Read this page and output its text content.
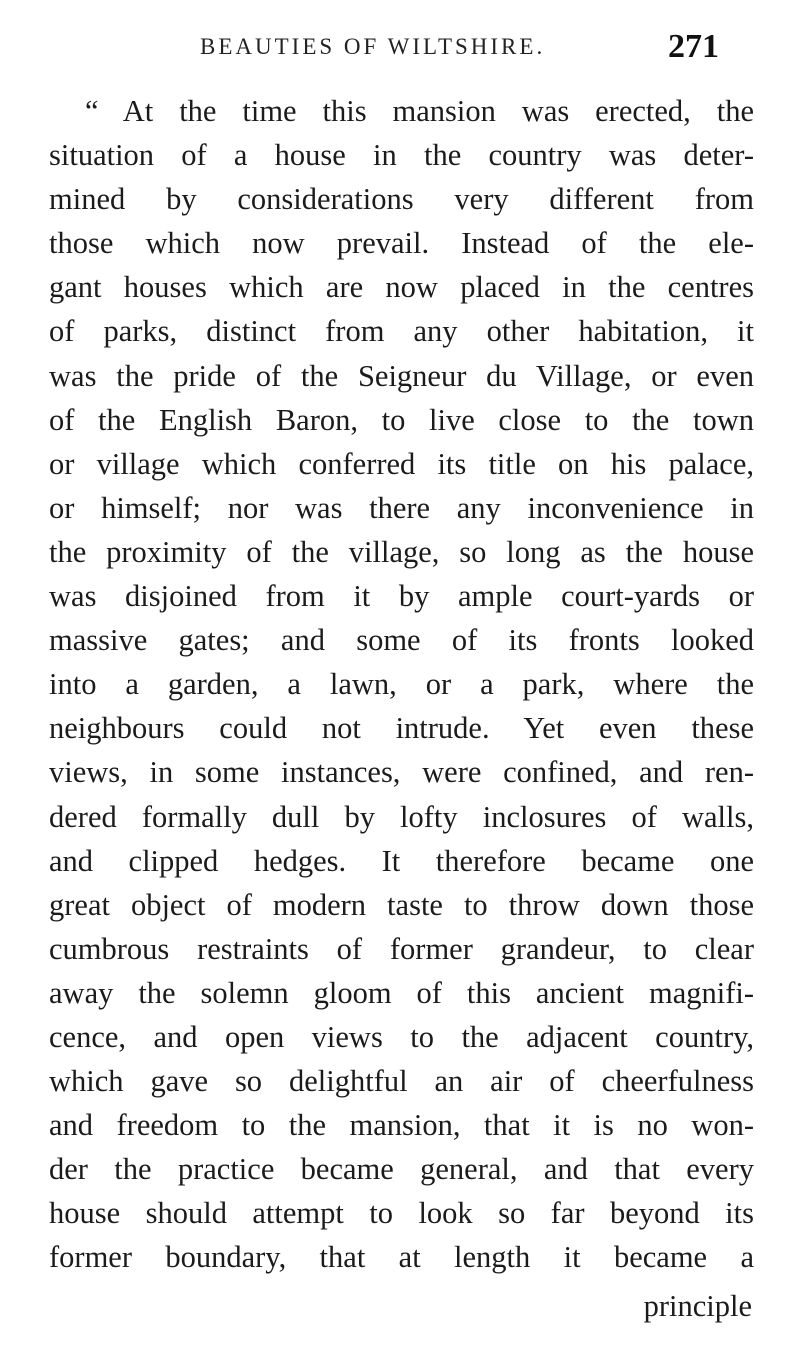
BEAUTIES OF WILTSHIRE.	271
“ At the time this mansion was erected, the
situation of a house in the country was deter-
mined by considerations very different from
those which now prevail. Instead of the ele-
gant houses which are now placed in the centres
of parks, distinct from any other habitation, it
was the pride of the Seigneur du Village, or even
of the English Baron, to live close to the town
or village which conferred its title on his palace,
or himself; nor was there any inconvenience in
the proximity of the village, so long as the house
was disjoined from it by ample court-yards or
massive gates; and some of its fronts looked
into a garden, a lawn, or a park, where the
neighbours could not intrude. Yet even these
views, in some instances, were confined, and ren-
dered formally dull by lofty inclosures of walls,
and clipped hedges. It therefore became one
great object of modern taste to throw down those
cumbrous restraints of former grandeur, to clear
away the solemn gloom of this ancient magnifi-
cence, and open views to the adjacent country,
which gave so delightful an air of cheerfulness
and freedom to the mansion, that it is no won-
der the practice became general, and that every
house should attempt to look so far beyond its
former boundary, that at length it became a
principle
